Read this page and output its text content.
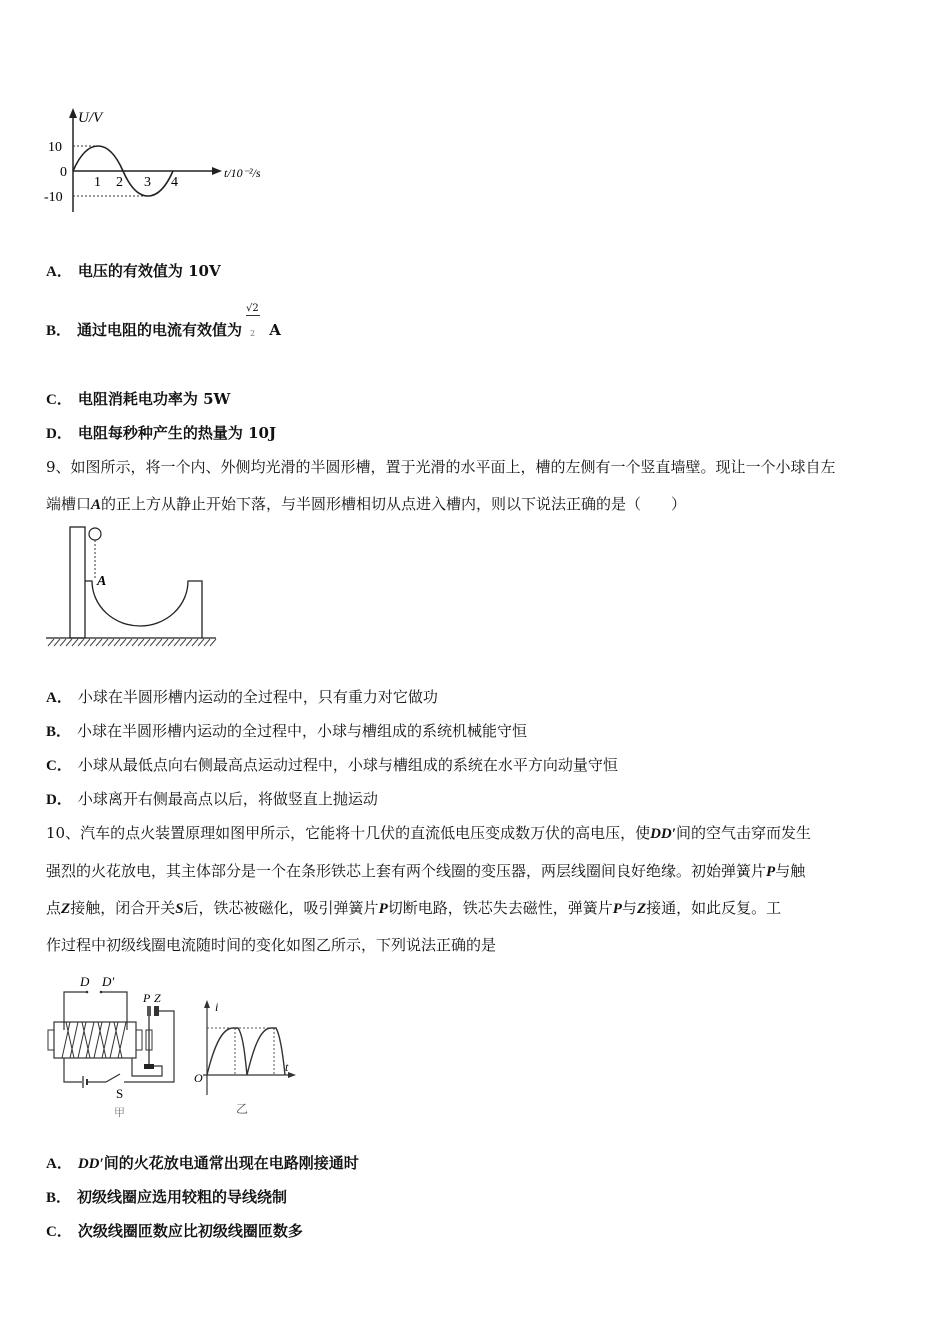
U/V
10
0
-10
1 2 3 4
t/10⁻²/s
A． 电压的有效值为 10V
B． 通过电阻的电流有效值为 $\frac{√2}{2}$ A
C． 电阻消耗电功率为 5W
D． 电阻每秒种产生的热量为 10J
9、如图所示，将一个内、外侧均光滑的半圆形槽，置于光滑的水平面上，槽的左侧有一个竖直墙壁。现让一个小球自左
端槽口A的正上方从静止开始下落，与半圆形槽相切从点进入槽内，则以下说法正确的是（　　）
A
A． 小球在半圆形槽内运动的全过程中，只有重力对它做功
B． 小球在半圆形槽内运动的全过程中，小球与槽组成的系统机械能守恒
C． 小球从最低点向右侧最高点运动过程中，小球与槽组成的系统在水平方向动量守恒
D． 小球离开右侧最高点以后，将做竖直上抛运动
10、汽车的点火装置原理如图甲所示，它能将十几伏的直流低电压变成数万伏的高电压，使DD′间的空气击穿而发生
强烈的火花放电，其主体部分是一个在条形铁芯上套有两个线圈的变压器，两层线圈间良好绝缘。初始弹簧片P与触
点Z接触，闭合开关S后，铁芯被磁化，吸引弹簧片P切断电路，铁芯失去磁性，弹簧片P与Z接通，如此反复。工
作过程中初级线圈电流随时间的变化如图乙所示，下列说法正确的是
D D′
P Z
S
甲
i
t
O
乙
A． DD′间的火花放电通常出现在电路刚接通时
B． 初级线圈应选用较粗的导线绕制
C． 次级线圈匝数应比初级线圈匝数多
